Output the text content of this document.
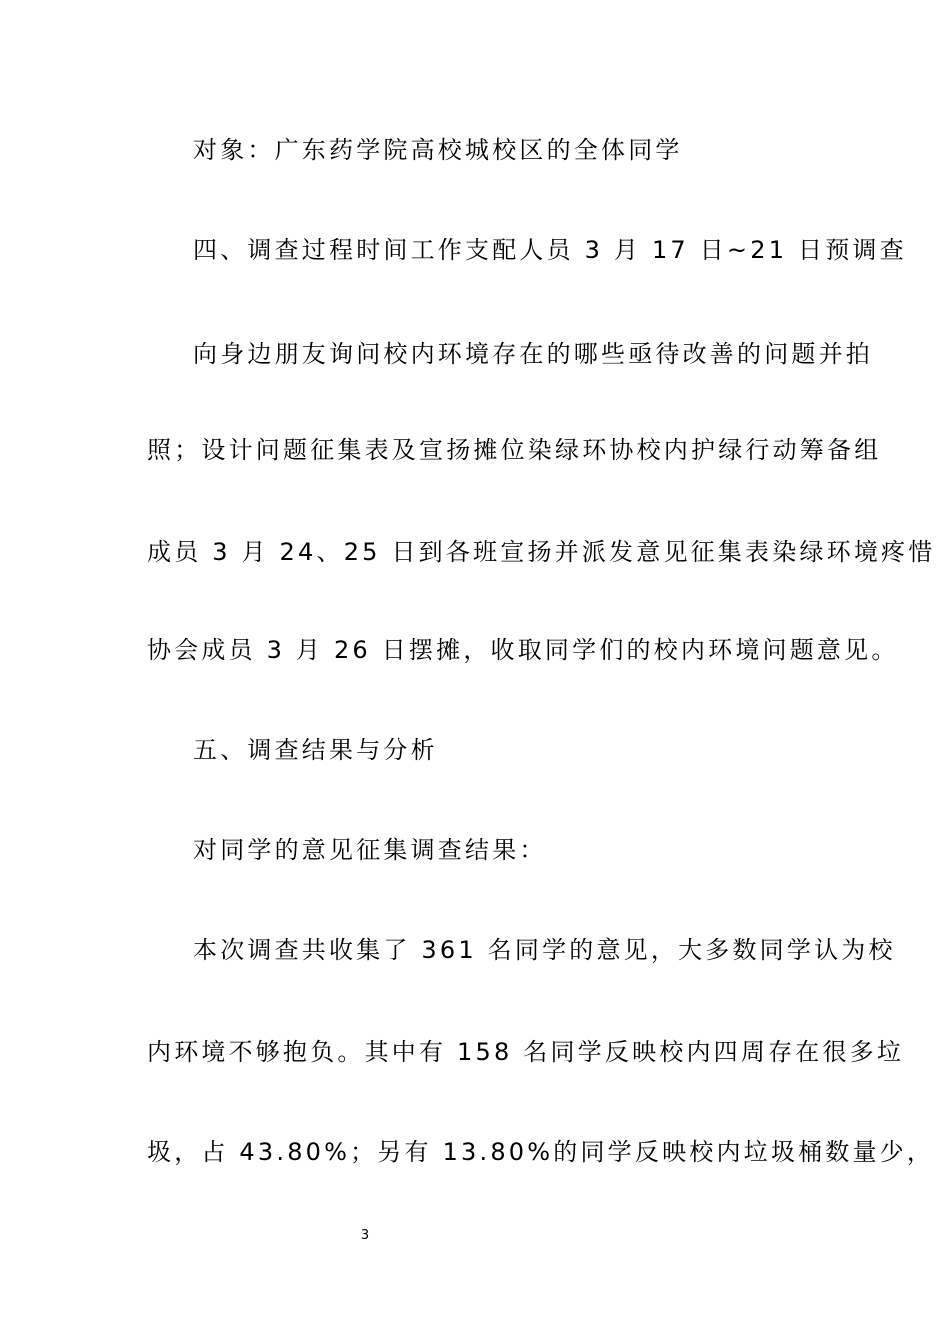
对象：广东药学院高校城校区的全体同学

四、调查过程时间工作支配人员 3 月 17 日~21 日预调查

向身边朋友询问校内环境存在的哪些亟待改善的问题并拍

照；设计问题征集表及宣扬摊位染绿环协校内护绿行动筹备组

成员 3 月 24、25 日到各班宣扬并派发意见征集表染绿环境疼惜

协会成员 3 月 26 日摆摊，收取同学们的校内环境问题意见。

五、调查结果与分析

对同学的意见征集调查结果：

本次调查共收集了 361 名同学的意见，大多数同学认为校

内环境不够抱负。其中有 158 名同学反映校内四周存在很多垃

圾，占 43.80%；另有 13.80%的同学反映校内垃圾桶数量少，

3
